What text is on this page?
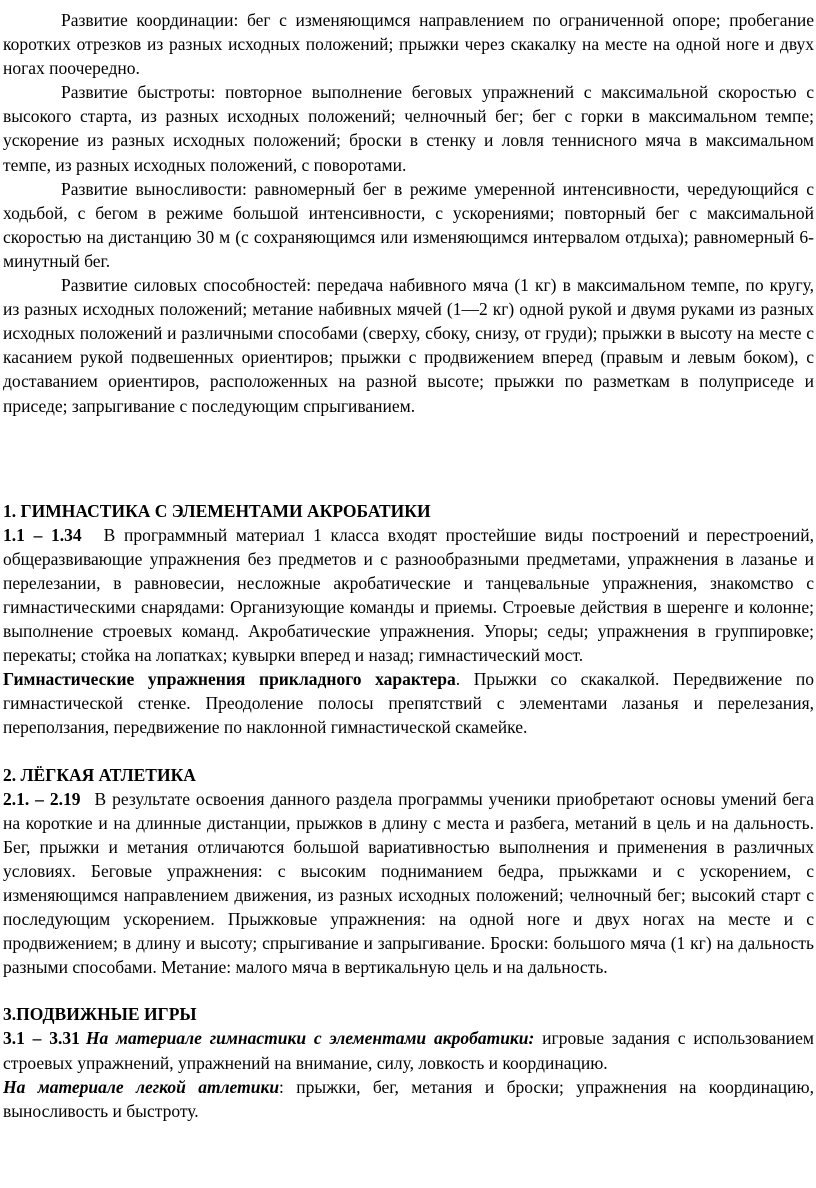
Развитие координации: бег с изменяющимся направлением по ограниченной опоре; пробегание коротких отрезков из разных исходных положений; прыжки через скакалку на месте на одной ноге и двух ногах поочередно.

Развитие быстроты: повторное выполнение беговых упражнений с максимальной скоростью с высокого старта, из разных исходных положений; челночный бег; бег с горки в максимальном темпе; ускорение из разных исходных положений; броски в стенку и ловля теннисного мяча в максимальном темпе, из разных исходных положений, с поворотами.

Развитие выносливости: равномерный бег в режиме умеренной интенсивности, чередующийся с ходьбой, с бегом в режиме большой интенсивности, с ускорениями; повторный бег с максимальной скоростью на дистанцию 30 м (с сохраняющимся или изменяющимся интервалом отдыха); равномерный 6-минутный бег.

Развитие силовых способностей: передача набивного мяча (1 кг) в максимальном темпе, по кругу, из разных исходных положений; метание набивных мячей (1—2 кг) одной рукой и двумя руками из разных исходных положений и различными способами (сверху, сбоку, снизу, от груди); прыжки в высоту на месте с касанием рукой подвешенных ориентиров; прыжки с продвижением вперед (правым и левым боком), с доставанием ориентиров, расположенных на разной высоте; прыжки по разметкам в полуприседе и приседе; запрыгивание с последующим спрыгиванием.

1. ГИМНАСТИКА С ЭЛЕМЕНТАМИ АКРОБАТИКИ

1.1 – 1.34 В программный материал 1 класса входят простейшие виды построений и перестроений, общеразвивающие упражнения без предметов и с разнообразными предметами, упражнения в лазанье и перелезании, в равновесии, несложные акробатические и танцевальные упражнения, знакомство с гимнастическими снарядами: Организующие команды и приемы. Строевые действия в шеренге и колонне; выполнение строевых команд. Акробатические упражнения. Упоры; седы; упражнения в группировке; перекаты; стойка на лопатках; кувырки вперед и назад; гимнастический мост.

Гимнастические упражнения прикладного характера. Прыжки со скакалкой. Передвижение по гимнастической стенке. Преодоление полосы препятствий с элементами лазанья и перелезания, переползания, передвижение по наклонной гимнастической скамейке.

2. ЛЁГКАЯ АТЛЕТИКА

2.1. – 2.19 В результате освоения данного раздела программы ученики приобретают основы умений бега на короткие и на длинные дистанции, прыжков в длину с места и разбега, метаний в цель и на дальность. Бег, прыжки и метания отличаются большой вариативностью выполнения и применения в различных условиях. Беговые упражнения: с высоким подниманием бедра, прыжками и с ускорением, с изменяющимся направлением движения, из разных исходных положений; челночный бег; высокий старт с последующим ускорением. Прыжковые упражнения: на одной ноге и двух ногах на месте и с продвижением; в длину и высоту; спрыгивание и запрыгивание. Броски: большого мяча (1 кг) на дальность разными способами. Метание: малого мяча в вертикальную цель и на дальность.

3.ПОДВИЖНЫЕ ИГРЫ

3.1 – 3.31 На материале гимнастики с элементами акробатики: игровые задания с использованием строевых упражнений, упражнений на внимание, силу, ловкость и координацию.

На материале легкой атлетики: прыжки, бег, метания и броски; упражнения на координацию, выносливость и быстроту.
